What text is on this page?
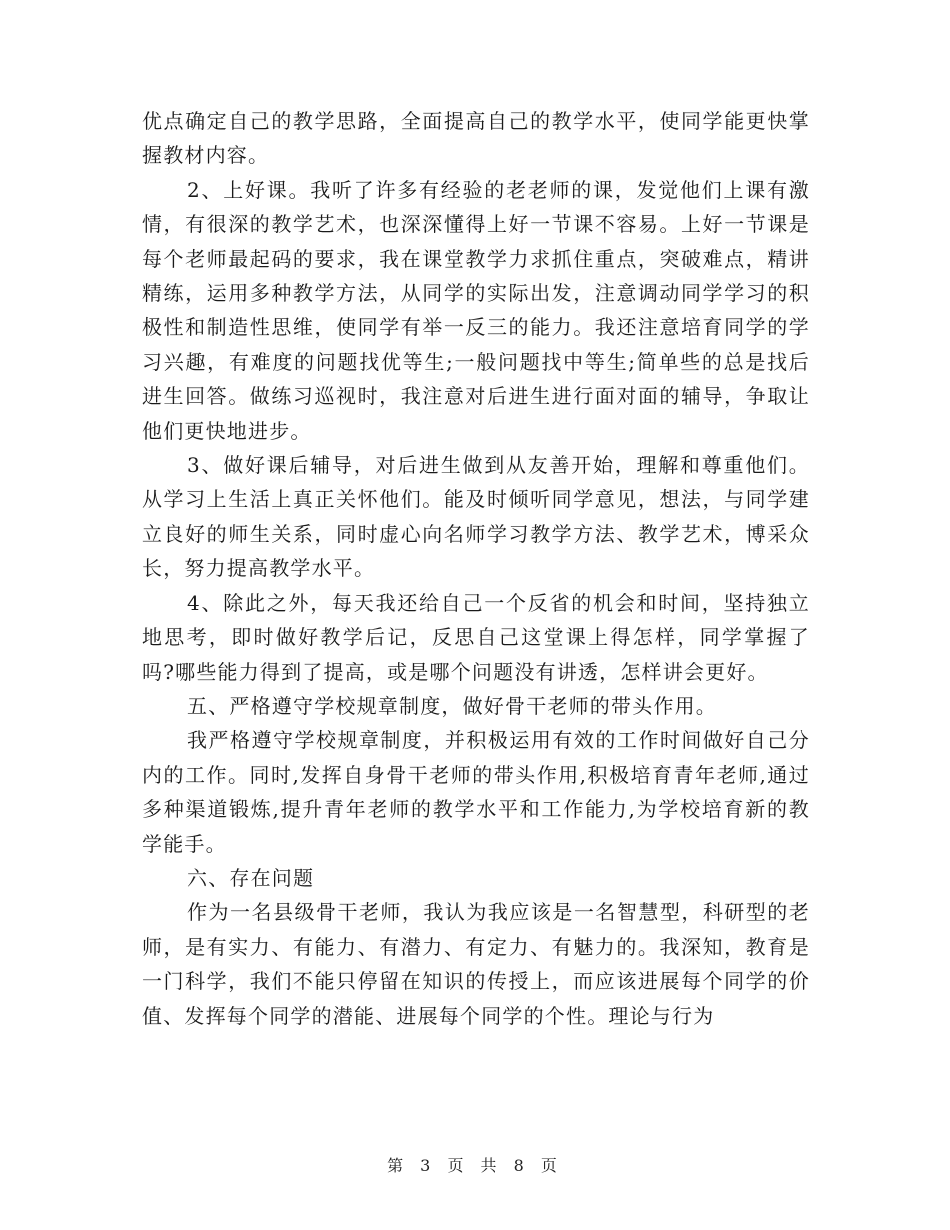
优点确定自己的教学思路，全面提高自己的教学水平，使同学能更快掌握教材内容。

2、上好课。我听了许多有经验的老老师的课，发觉他们上课有激情，有很深的教学艺术，也深深懂得上好一节课不容易。上好一节课是每个老师最起码的要求，我在课堂教学力求抓住重点，突破难点，精讲精练，运用多种教学方法，从同学的实际出发，注意调动同学学习的积极性和制造性思维，使同学有举一反三的能力。我还注意培育同学的学习兴趣，有难度的问题找优等生;一般问题找中等生;简单些的总是找后进生回答。做练习巡视时，我注意对后进生进行面对面的辅导，争取让他们更快地进步。

3、做好课后辅导，对后进生做到从友善开始，理解和尊重他们。从学习上生活上真正关怀他们。能及时倾听同学意见，想法，与同学建立良好的师生关系，同时虚心向名师学习教学方法、教学艺术，博采众长，努力提高教学水平。

4、除此之外，每天我还给自己一个反省的机会和时间，坚持独立地思考，即时做好教学后记，反思自己这堂课上得怎样，同学掌握了吗?哪些能力得到了提高，或是哪个问题没有讲透，怎样讲会更好。

五、严格遵守学校规章制度，做好骨干老师的带头作用。

我严格遵守学校规章制度，并积极运用有效的工作时间做好自己分内的工作。同时,发挥自身骨干老师的带头作用,积极培育青年老师,通过多种渠道锻炼,提升青年老师的教学水平和工作能力,为学校培育新的教学能手。

六、存在问题

作为一名县级骨干老师，我认为我应该是一名智慧型，科研型的老师，是有实力、有能力、有潜力、有定力、有魅力的。我深知，教育是一门科学，我们不能只停留在知识的传授上，而应该进展每个同学的价值、发挥每个同学的潜能、进展每个同学的个性。理论与行为

第 3 页 共 8 页
